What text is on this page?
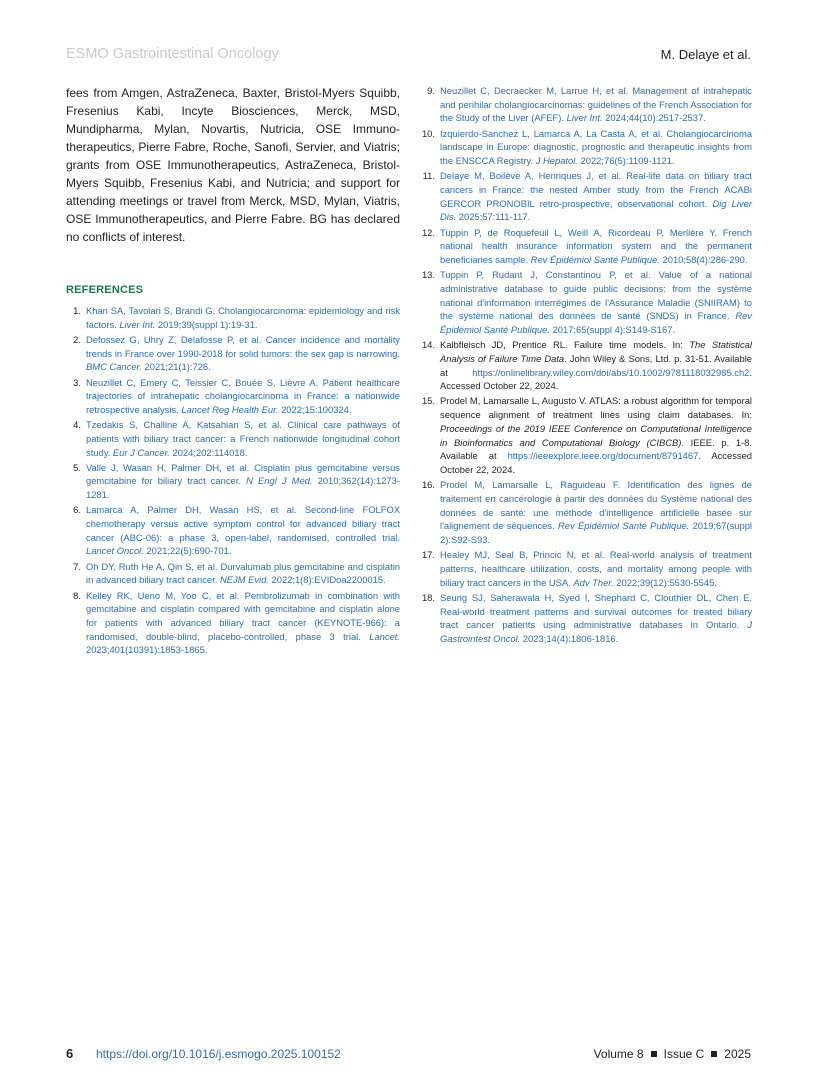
ESMO Gastrointestinal Oncology	M. Delaye et al.

fees from Amgen, AstraZeneca, Baxter, Bristol-Myers Squibb, Fresenius Kabi, Incyte Biosciences, Merck, MSD, Mundipharma, Mylan, Novartis, Nutricia, OSE Immuno-therapeutics, Pierre Fabre, Roche, Sanofi, Servier, and Viatris; grants from OSE Immunotherapeutics, AstraZeneca, Bristol-Myers Squibb, Fresenius Kabi, and Nutricia; and support for attending meetings or travel from Merck, MSD, Mylan, Viatris, OSE Immunotherapeutics, and Pierre Fabre. BG has declared no conflicts of interest.

REFERENCES
1. Khan SA, Tavolari S, Brandi G. Cholangiocarcinoma: epidemiology and risk factors. Liver Int. 2019;39(suppl 1):19-31.
2. Defossez G, Uhry Z, Delafosse P, et al. Cancer incidence and mortality trends in France over 1990-2018 for solid tumors: the sex gap is narrowing. BMC Cancer. 2021;21(1):726.
3. Neuzillet C, Emery C, Teissier C, Bouée S, Lièvre A. Patient healthcare trajectories of intrahepatic cholangiocarcinoma in France: a nationwide retrospective analysis. Lancet Reg Health Eur. 2022;15:100324.
4. Tzedakis S, Challine A, Katsahian S, et al. Clinical care pathways of patients with biliary tract cancer: a French nationwide longitudinal cohort study. Eur J Cancer. 2024;202:114018.
5. Valle J, Wasan H, Palmer DH, et al. Cisplatin plus gemcitabine versus gemcitabine for biliary tract cancer. N Engl J Med. 2010;362(14):1273-1281.
6. Lamarca A, Palmer DH, Wasan HS, et al. Second-line FOLFOX chemotherapy versus active symptom control for advanced biliary tract cancer (ABC-06): a phase 3, open-label, randomised, controlled trial. Lancet Oncol. 2021;22(5):690-701.
7. Oh DY, Ruth He A, Qin S, et al. Durvalumab plus gemcitabine and cisplatin in advanced biliary tract cancer. NEJM Evid. 2022;1(8):EVIDoa2200015.
8. Kelley RK, Ueno M, Yoo C, et al. Pembrolizumab in combination with gemcitabine and cisplatin compared with gemcitabine and cisplatin alone for patients with advanced biliary tract cancer (KEYNOTE-966): a randomised, double-blind, placebo-controlled, phase 3 trial. Lancet. 2023;401(10391):1853-1865.
9. Neuzillet C, Decraecker M, Larrue H, et al. Management of intrahepatic and perihilar cholangiocarcinomas: guidelines of the French Association for the Study of the Liver (AFEF). Liver Int. 2024;44(10):2517-2537.
10. Izquierdo-Sanchez L, Lamarca A, La Casta A, et al. Cholangiocarcinoma landscape in Europe: diagnostic, prognostic and therapeutic insights from the ENSCCA Registry. J Hepatol. 2022;76(5):1109-1121.
11. Delaye M, Boilève A, Henriques J, et al. Real-life data on biliary tract cancers in France: the nested Amber study from the French ACABi GERCOR PRONOBIL retro-prospective, observational cohort. Dig Liver Dis. 2025;57:111-117.
12. Tuppin P, de Roquefeuil L, Weill A, Ricordeau P, Merlière Y. French national health insurance information system and the permanent beneficiaries sample. Rev Épidémiol Santé Publique. 2010;58(4):286-290.
13. Tuppin P, Rudant J, Constantinou P, et al. Value of a national administrative database to guide public decisions: from the système national d'information interrégimes de l'Assurance Maladie (SNIIRAM) to the système national des données de santé (SNDS) in France. Rev Épidémiol Santé Publique. 2017;65(suppl 4):S149-S167.
14. Kalbfleisch JD, Prentice RL. Failure time models. In: The Statistical Analysis of Failure Time Data. John Wiley & Sons, Ltd. p. 31-51. Available at https://onlinelibrary.wiley.com/doi/abs/10.1002/9781118032985.ch2. Accessed October 22, 2024.
15. Prodel M, Lamarsalle L, Augusto V. ATLAS: a robust algorithm for temporal sequence alignment of treatment lines using claim databases. In: Proceedings of the 2019 IEEE Conference on Computational Intelligence in Bioinformatics and Computational Biology (CIBCB). IEEE. p. 1-8. Available at https://ieeexplore.ieee.org/document/8791467. Accessed October 22, 2024.
16. Prodel M, Lamarsalle L, Raguideau F. Identification des lignes de traitement en cancérologie à partir des données du Système national des données de santé: une méthode d'intelligence artificielle basée sur l'alignement de séquences. Rev Épidémiol Santé Publique. 2019;67(suppl 2):S92-S93.
17. Healey MJ, Seal B, Princic N, et al. Real-world analysis of treatment patterns, healthcare utilization, costs, and mortality among people with biliary tract cancers in the USA. Adv Ther. 2022;39(12):5530-5545.
18. Seung SJ, Saherawala H, Syed I, Shephard C, Clouthier DL, Chen E. Real-world treatment patterns and survival outcomes for treated biliary tract cancer patients using administrative databases in Ontario. J Gastrointest Oncol. 2023;14(4):1806-1816.
6 https://doi.org/10.1016/j.esmogo.2025.100152	Volume 8 Issue C 2025
